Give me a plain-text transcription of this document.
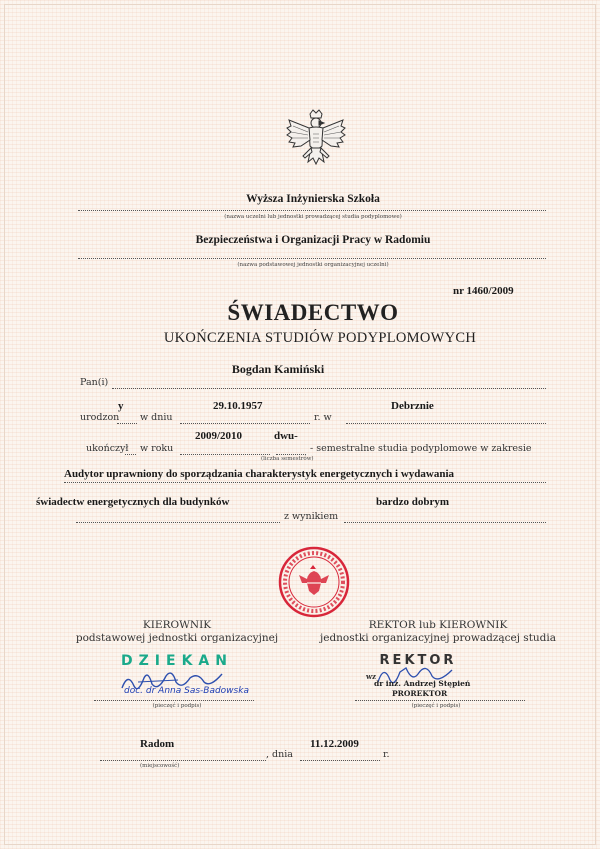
Wyższa Inżynierska Szkoła
(nazwa uczelni lub jednostki prowadzącej studia podyplomowe)
Bezpieczeństwa i Organizacji Pracy w Radomiu
(nazwa podstawowej jednostki organizacyjnej uczelni)
nr 1460/2009
ŚWIADECTWO
UKOŃCZENIA STUDIÓW PODYPLOMOWYCH
Bogdan Kamiński
Pan(i)
y
urodzon w dniu
29.10.1957
r. w
Debrznie
2009/2010	dwu-
ukończył w roku
(liczba semestrów)
- semestralne studia podyplomowe w zakresie
Audytor uprawniony do sporządzania charakterystyk energetycznych i wydawania
świadectw energetycznych dla budynków
z wynikiem
bardzo dobrym
KIEROWNIK
podstawowej jednostki organizacyjnej
DZIEKAN
doc. dr Anna Sas-Badowska
(pieczęć i podpis)
REKTOR lub KIEROWNIK
jednostki organizacyjnej prowadzącej studia
REKTOR
wz
dr inż. Andrzej Stępień
PROREKTOR
(pieczęć i podpis)
Radom
(miejscowość)
, dnia
11.12.2009
r.
